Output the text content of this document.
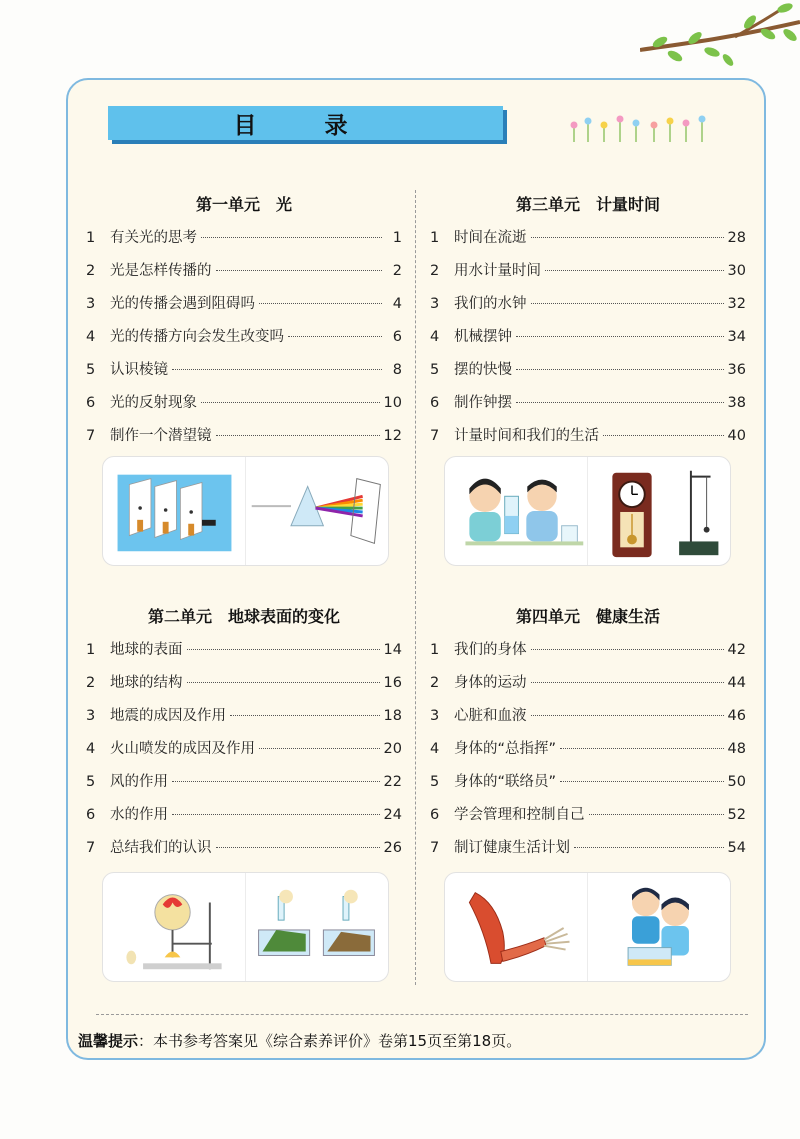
目 录
第一单元　光
1	有关光的思考	1
2	光是怎样传播的	2
3	光的传播会遇到阻碍吗	4
4	光的传播方向会发生改变吗	6
5	认识棱镜	8
6	光的反射现象	10
7	制作一个潜望镜	12
第三单元　计量时间
1	时间在流逝	28
2	用水计量时间	30
3	我们的水钟	32
4	机械摆钟	34
5	摆的快慢	36
6	制作钟摆	38
7	计量时间和我们的生活	40
第二单元　地球表面的变化
1	地球的表面	14
2	地球的结构	16
3	地震的成因及作用	18
4	火山喷发的成因及作用	20
5	风的作用	22
6	水的作用	24
7	总结我们的认识	26
第四单元　健康生活
1	我们的身体	42
2	身体的运动	44
3	心脏和血液	46
4	身体的“总指挥”	48
5	身体的“联络员”	50
6	学会管理和控制自己	52
7	制订健康生活计划	54
温馨提示：本书参考答案见《综合素养评价》卷第15页至第18页。
